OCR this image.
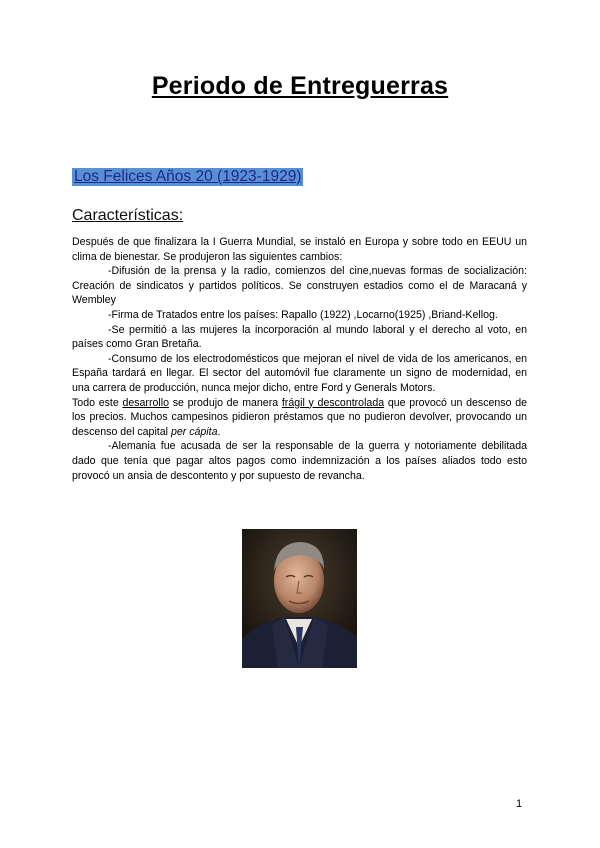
Periodo de Entreguerras
Los Felices Años 20 (1923-1929)
Características:

Después de que finalizara la I Guerra Mundial, se instaló en Europa y sobre todo en EEUU un clima de bienestar. Se produjeron las siguientes cambios:

-Difusión de la prensa y la radio, comienzos del cine,nuevas formas de socialización: Creación de sindicatos y partidos políticos. Se construyen estadios como el de Maracaná y Wembley

-Firma de Tratados entre los países: Rapallo (1922) ,Locarno(1925) ,Briand-Kellog.

-Se permitió a las mujeres la incorporación al mundo laboral y el derecho al voto, en países como Gran Bretaña.

-Consumo de los electrodomésticos que mejoran el nivel de vida de los americanos, en España tardará en llegar. El sector del automóvil fue claramente un signo de modernidad, en una carrera de producción, nunca mejor dicho, entre Ford y Generals Motors.

Todo este desarrollo se produjo de manera frágil y descontrolada que provocó un descenso de los precios. Muchos campesinos pidieron préstamos que no pudieron devolver, provocando un descenso del capital per cápita.

-Alemania fue acusada de ser la responsable de la guerra y notoriamente debilitada dado que tenía que pagar altos pagos como indemnización a los países aliados todo esto provocó un ansia de descontento y por supuesto de revancha.

1
